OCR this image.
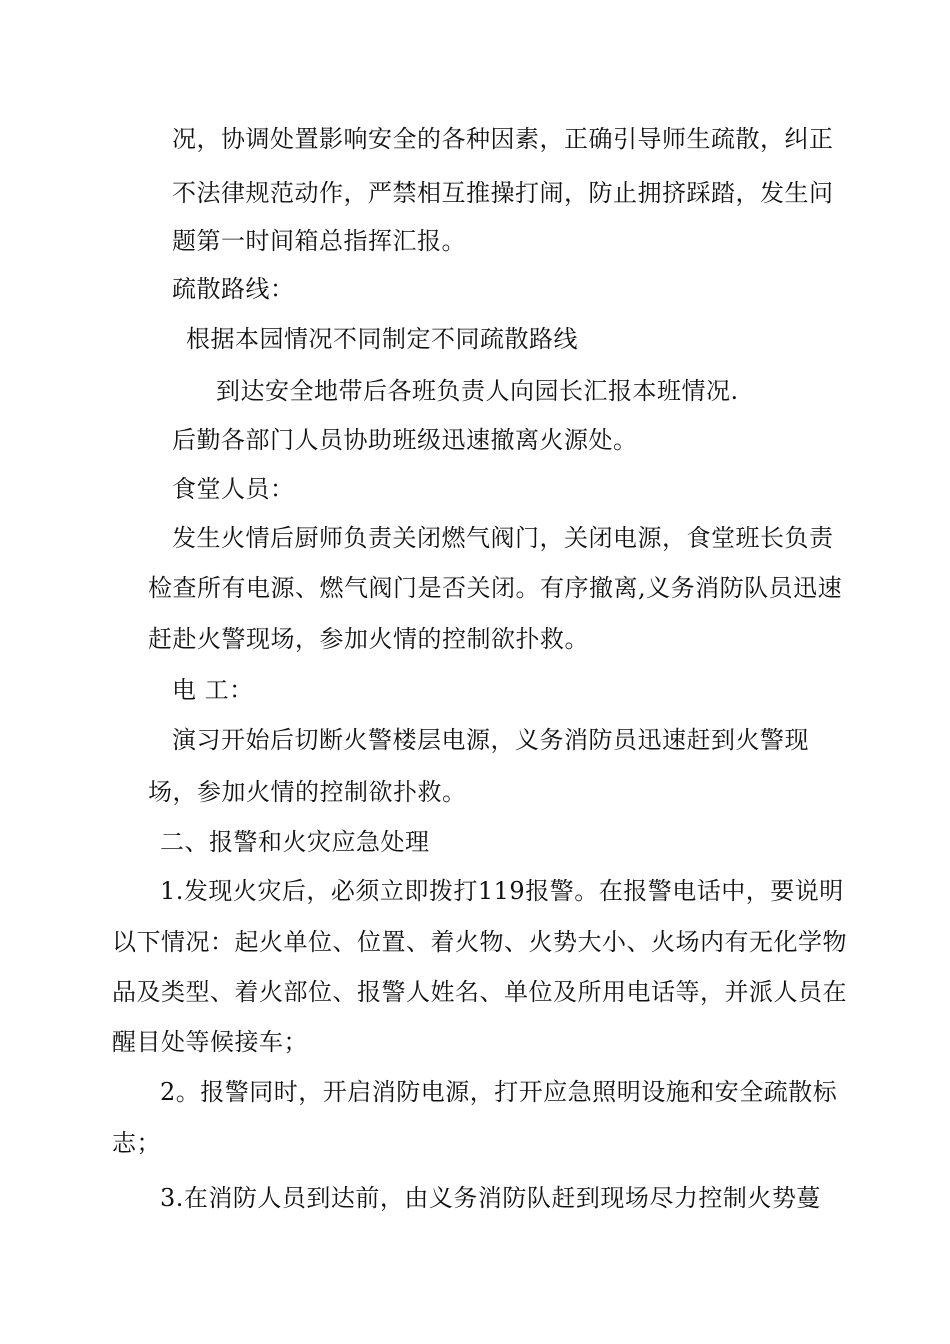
况，协调处置影响安全的各种因素，正确引导师生疏散，纠正
不法律规范动作，严禁相互推操打闹，防止拥挤踩踏，发生问
题第一时间箱总指挥汇报。
疏散路线：
根据本园情况不同制定不同疏散路线
到达安全地带后各班负责人向园长汇报本班情况.
后勤各部门人员协助班级迅速撤离火源处。
食堂人员：
发生火情后厨师负责关闭燃气阀门，关闭电源，食堂班长负责
检查所有电源、燃气阀门是否关闭。有序撤离,义务消防队员迅速
赶赴火警现场，参加火情的控制欲扑救。
电 工：
演习开始后切断火警楼层电源，义务消防员迅速赶到火警现
场，参加火情的控制欲扑救。
二、报警和火灾应急处理
1.发现火灾后，必须立即拨打119报警。在报警电话中，要说明
以下情况：起火单位、位置、着火物、火势大小、火场内有无化学物
品及类型、着火部位、报警人姓名、单位及所用电话等，并派人员在
醒目处等候接车；
2。报警同时，开启消防电源，打开应急照明设施和安全疏散标
志；
3.在消防人员到达前，由义务消防队赶到现场尽力控制火势蔓
